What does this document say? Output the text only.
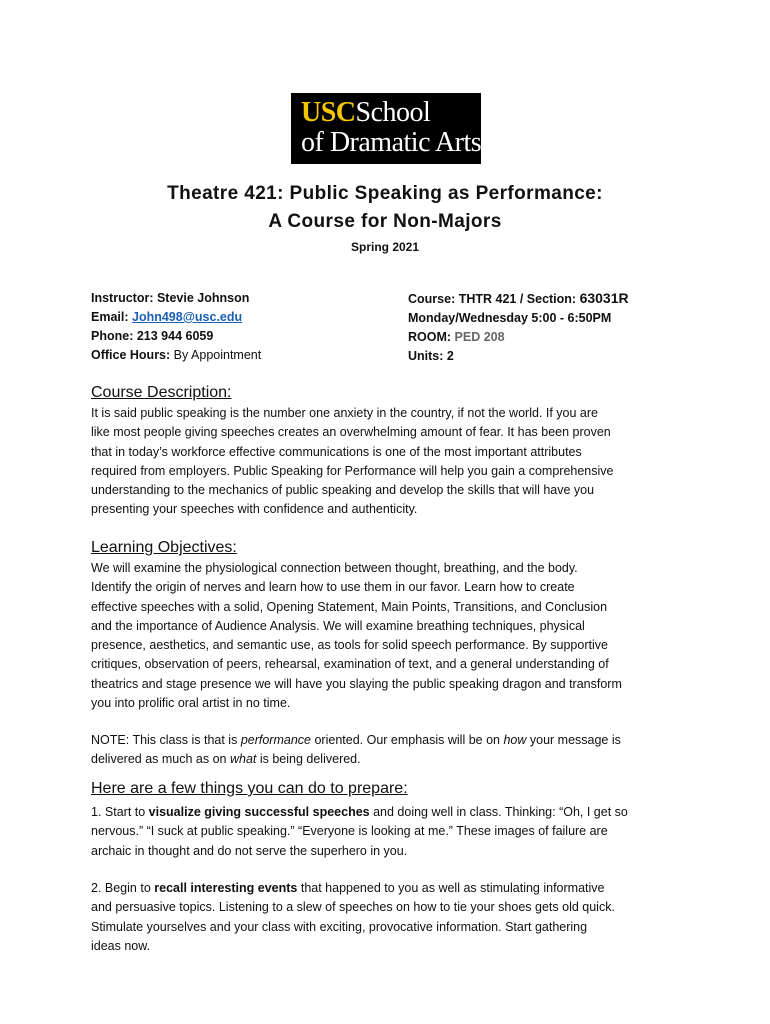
USCSchool
of Dramatic Arts
Theatre 421: Public Speaking as Performance:
A Course for Non-Majors
Spring 2021
Instructor: Stevie Johnson
Email: John498@usc.edu
Phone: 213 944 6059
Office Hours: By Appointment
Course: THTR 421 / Section: 63031R
Monday/Wednesday 5:00 - 6:50PM
ROOM: PED 208
Units: 2
Course Description:
It is said public speaking is the number one anxiety in the country, if not the world. If you are
like most people giving speeches creates an overwhelming amount of fear. It has been proven
that in today’s workforce effective communications is one of the most important attributes
required from employers. Public Speaking for Performance will help you gain a comprehensive
understanding to the mechanics of public speaking and develop the skills that will have you
presenting your speeches with confidence and authenticity.
Learning Objectives:
We will examine the physiological connection between thought, breathing, and the body.
Identify the origin of nerves and learn how to use them in our favor. Learn how to create
effective speeches with a solid, Opening Statement, Main Points, Transitions, and Conclusion
and the importance of Audience Analysis. We will examine breathing techniques, physical
presence, aesthetics, and semantic use, as tools for solid speech performance. By supportive
critiques, observation of peers, rehearsal, examination of text, and a general understanding of
theatrics and stage presence we will have you slaying the public speaking dragon and transform
you into prolific oral artist in no time.
NOTE: This class is that is performance oriented. Our emphasis will be on how your message is
delivered as much as on what is being delivered.
Here are a few things you can do to prepare:
1. Start to visualize giving successful speeches and doing well in class. Thinking: “Oh, I get so
nervous.” “I suck at public speaking.” “Everyone is looking at me.” These images of failure are
archaic in thought and do not serve the superhero in you.
2. Begin to recall interesting events that happened to you as well as stimulating informative
and persuasive topics. Listening to a slew of speeches on how to tie your shoes gets old quick.
Stimulate yourselves and your class with exciting, provocative information. Start gathering
ideas now.
